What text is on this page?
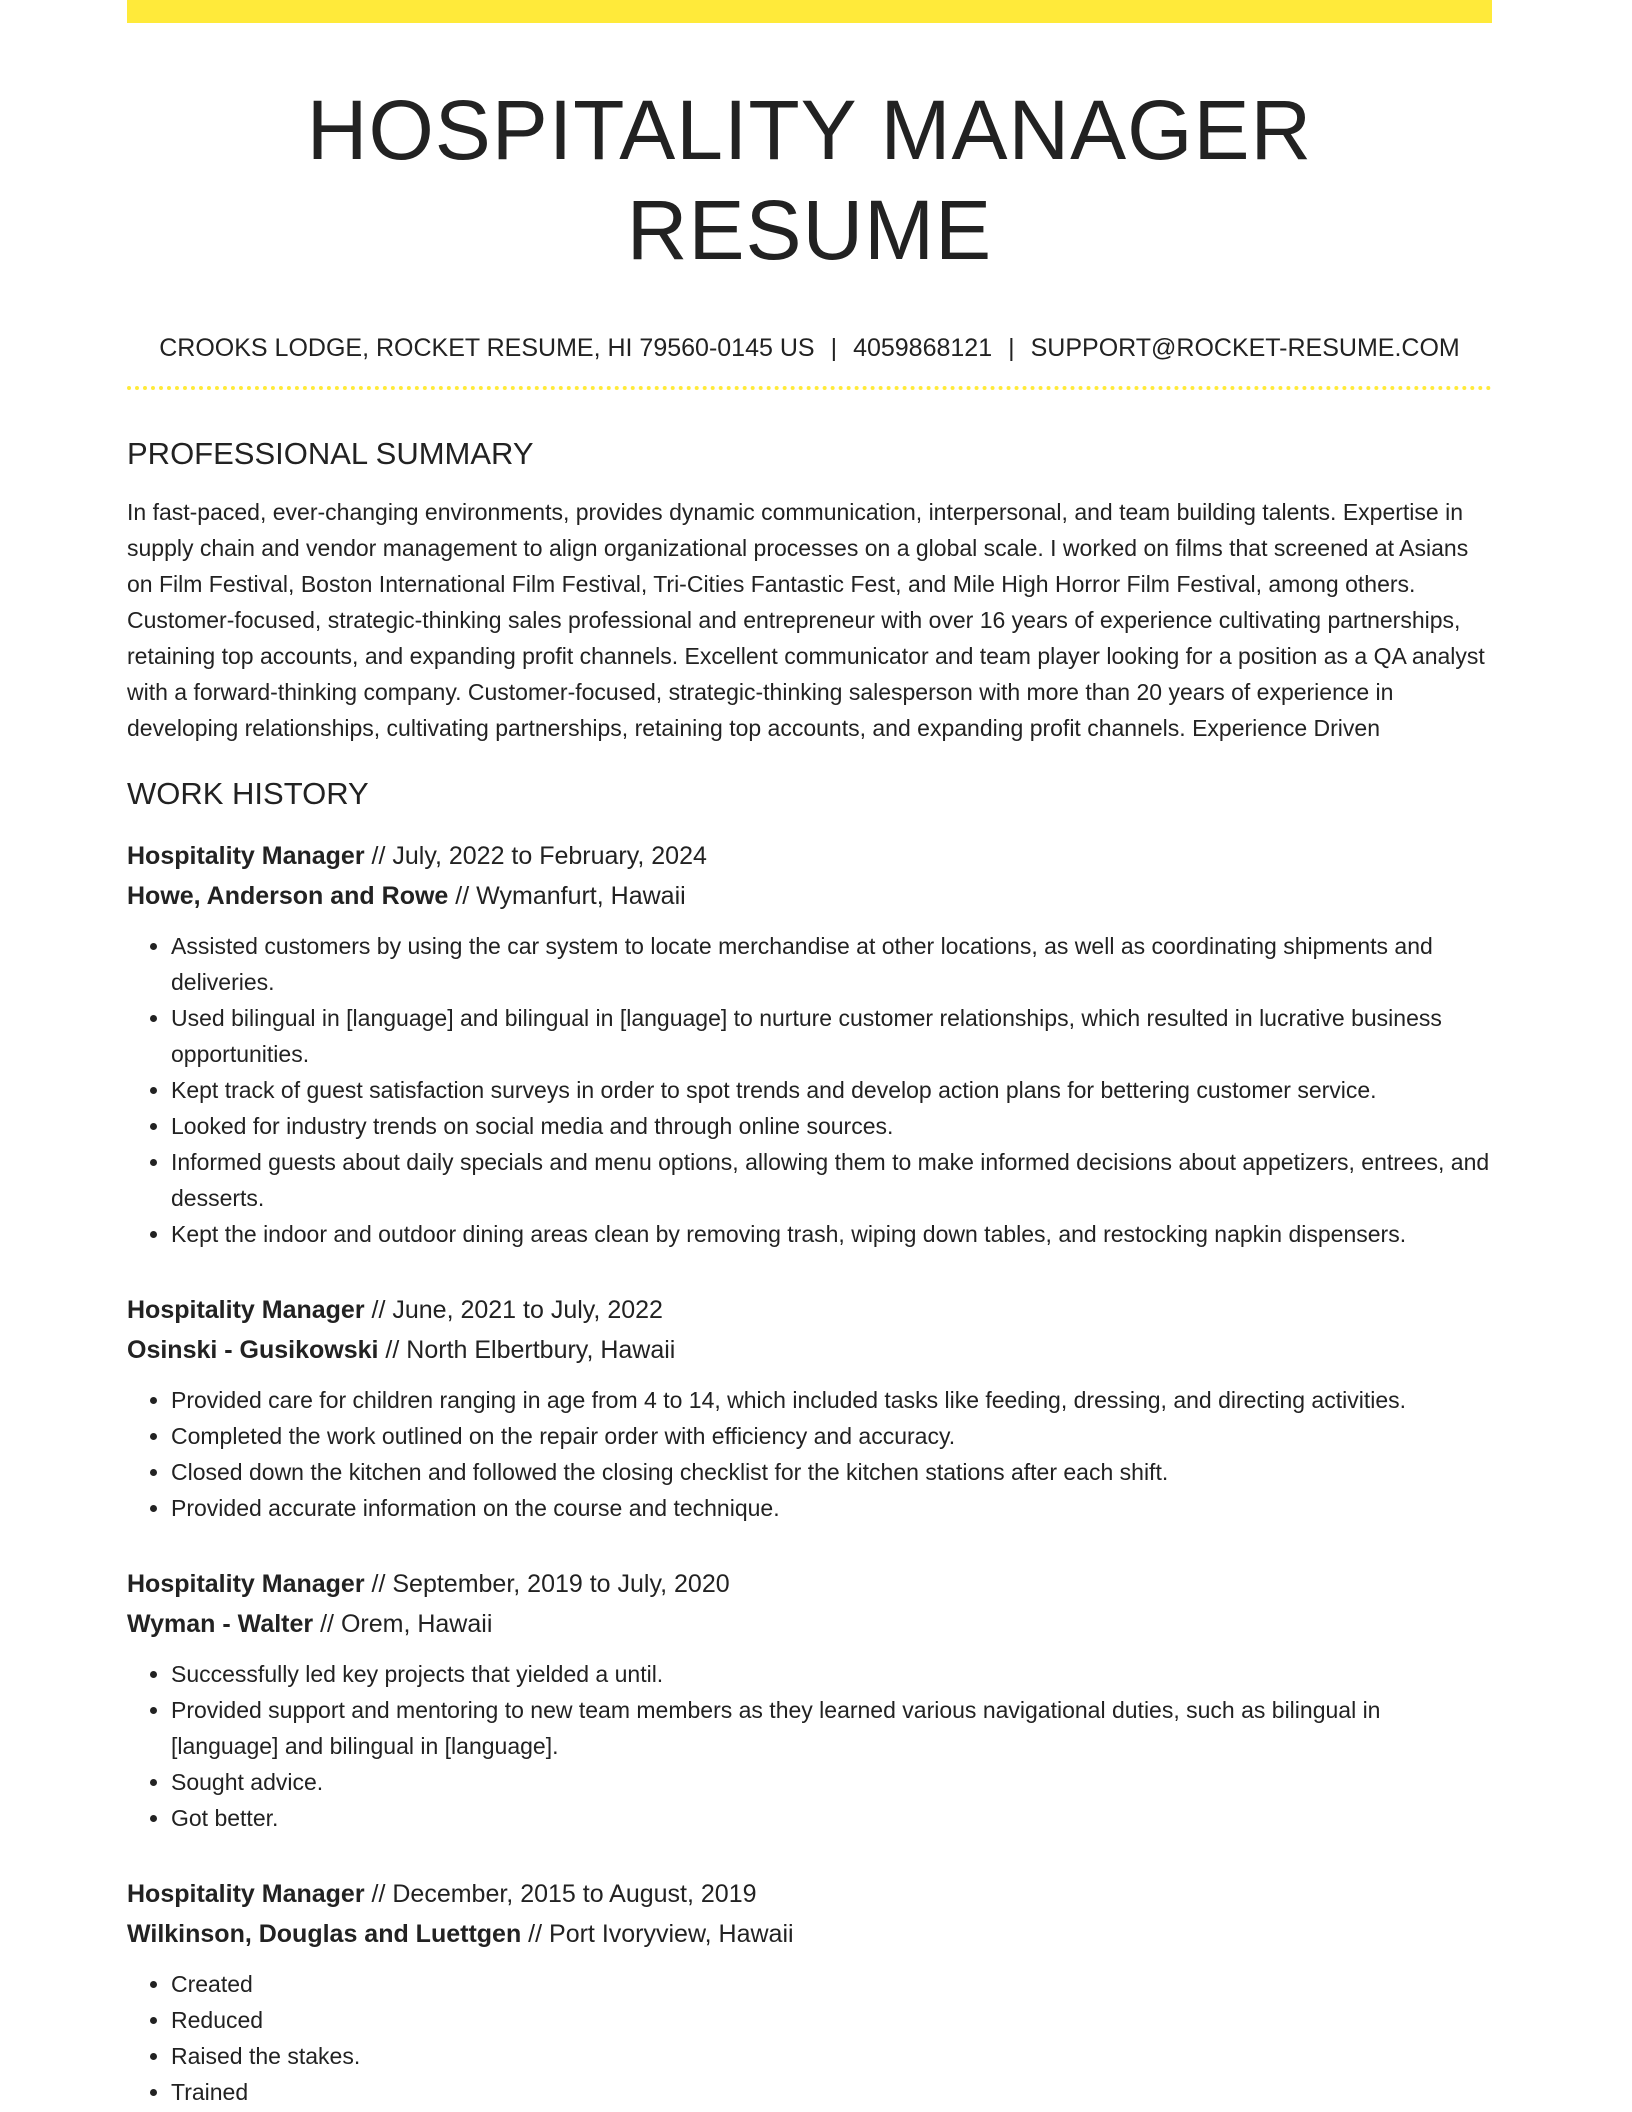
HOSPITALITY MANAGER RESUME
CROOKS LODGE, ROCKET RESUME, HI 79560-0145 US | 4059868121 | SUPPORT@ROCKET-RESUME.COM
PROFESSIONAL SUMMARY
In fast-paced, ever-changing environments, provides dynamic communication, interpersonal, and team building talents. Expertise in supply chain and vendor management to align organizational processes on a global scale. I worked on films that screened at Asians on Film Festival, Boston International Film Festival, Tri-Cities Fantastic Fest, and Mile High Horror Film Festival, among others. Customer-focused, strategic-thinking sales professional and entrepreneur with over 16 years of experience cultivating partnerships, retaining top accounts, and expanding profit channels. Excellent communicator and team player looking for a position as a QA analyst with a forward-thinking company. Customer-focused, strategic-thinking salesperson with more than 20 years of experience in developing relationships, cultivating partnerships, retaining top accounts, and expanding profit channels. Experience Driven
WORK HISTORY
Hospitality Manager // July, 2022 to February, 2024
Howe, Anderson and Rowe // Wymanfurt, Hawaii
• Assisted customers by using the car system to locate merchandise at other locations, as well as coordinating shipments and deliveries.
• Used bilingual in [language] and bilingual in [language] to nurture customer relationships, which resulted in lucrative business opportunities.
• Kept track of guest satisfaction surveys in order to spot trends and develop action plans for bettering customer service.
• Looked for industry trends on social media and through online sources.
• Informed guests about daily specials and menu options, allowing them to make informed decisions about appetizers, entrees, and desserts.
• Kept the indoor and outdoor dining areas clean by removing trash, wiping down tables, and restocking napkin dispensers.
Hospitality Manager // June, 2021 to July, 2022
Osinski - Gusikowski // North Elbertbury, Hawaii
• Provided care for children ranging in age from 4 to 14, which included tasks like feeding, dressing, and directing activities.
• Completed the work outlined on the repair order with efficiency and accuracy.
• Closed down the kitchen and followed the closing checklist for the kitchen stations after each shift.
• Provided accurate information on the course and technique.
Hospitality Manager // September, 2019 to July, 2020
Wyman - Walter // Orem, Hawaii
• Successfully led key projects that yielded a until.
• Provided support and mentoring to new team members as they learned various navigational duties, such as bilingual in [language] and bilingual in [language].
• Sought advice.
• Got better.
Hospitality Manager // December, 2015 to August, 2019
Wilkinson, Douglas and Luettgen // Port Ivoryview, Hawaii
• Created
• Reduced
• Raised the stakes.
• Trained
